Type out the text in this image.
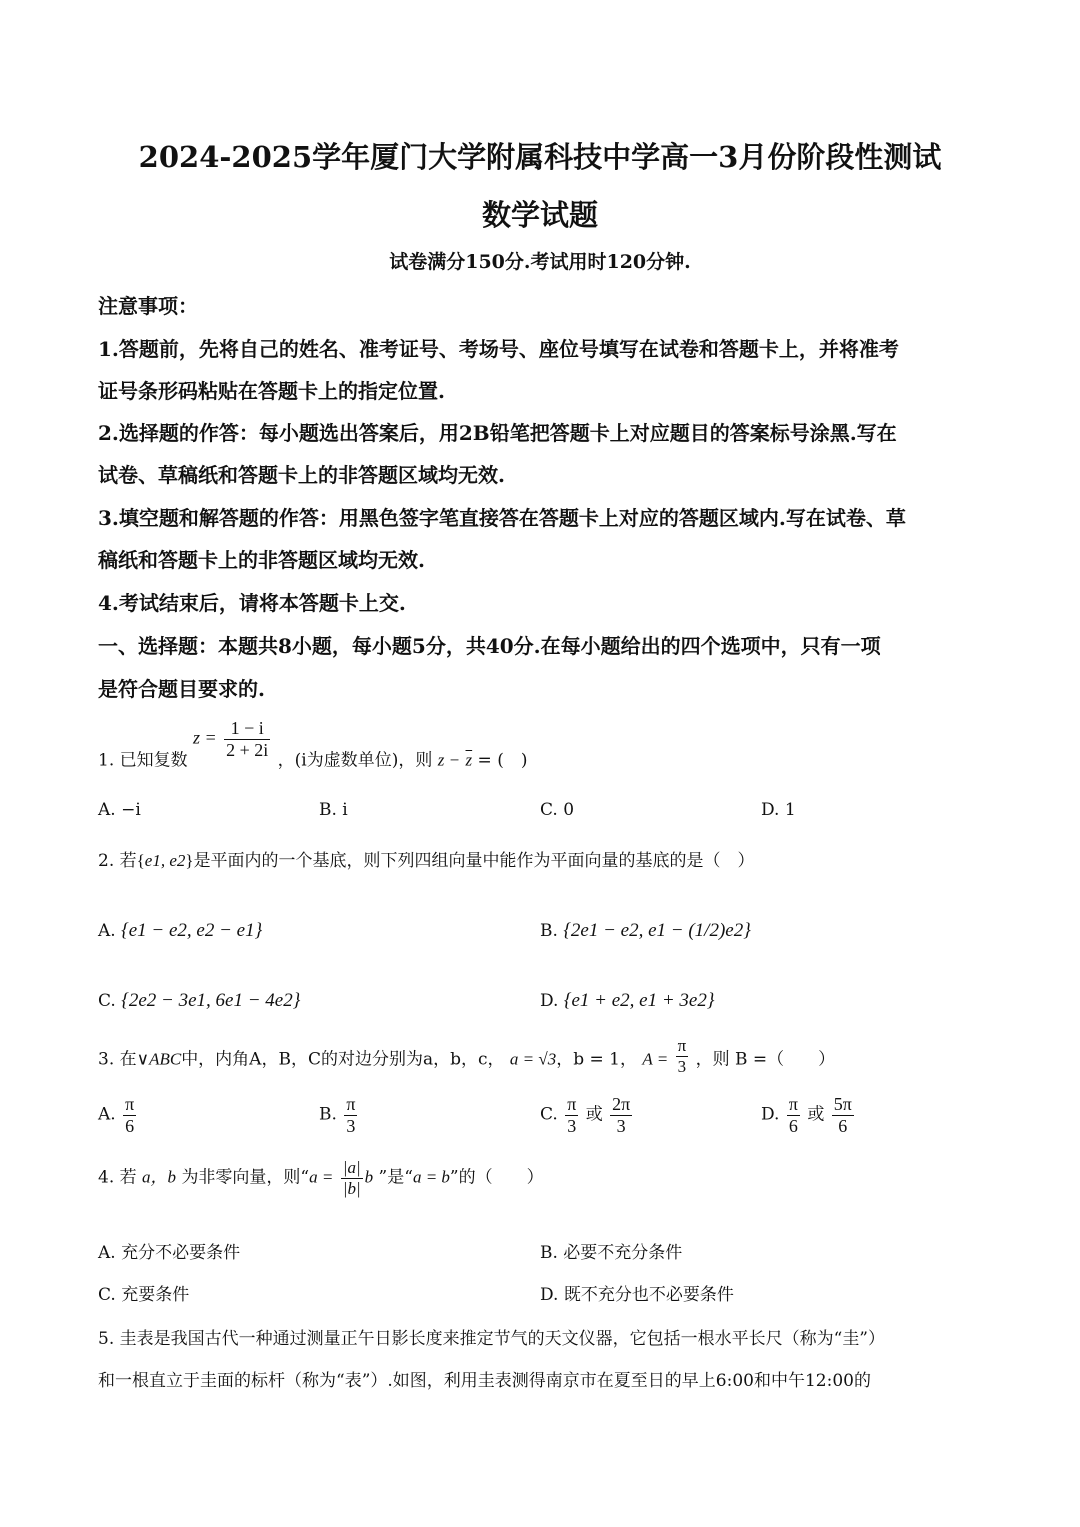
2024-2025学年厦门大学附属科技中学高一3月份阶段性测试
数学试题
试卷满分150分.考试用时120分钟.
注意事项：
1.答题前，先将自己的姓名、准考证号、考场号、座位号填写在试卷和答题卡上，并将准考
证号条形码粘贴在答题卡上的指定位置.
2.选择题的作答：每小题选出答案后，用2B铅笔把答题卡上对应题目的答案标号涂黑.写在
试卷、草稿纸和答题卡上的非答题区域均无效.
3.填空题和解答题的作答：用黑色签字笔直接答在答题卡上对应的答题区域内.写在试卷、草
稿纸和答题卡上的非答题区域均无效.
4.考试结束后，请将本答题卡上交.
一、选择题：本题共8小题，每小题5分，共40分.在每小题给出的四个选项中，只有一项
是符合题目要求的.
1. 已知复数 $z = \frac{1 - i}{2 + 2i}$
，(i为虚数单位)，则 $z - \overline{z}$ = (　)
A. −i	B. i	C. 0	D. 1
2. 若{e1, e2}是平面内的一个基底，则下列四组向量中能作为平面向量的基底的是（　）
A. {e1 − e2, e2 − e1}	B. {2e1 − e2, e1 − (1/2)e2}
C. {2e2 − 3e1, 6e1 − 4e2}	D. {e1 + e2, e1 + 3e2}
3. 在∨ABC中，内角A，B，C的对边分别为a，b，c， a = √3，b = 1， $A = \frac{\pi}{3}$ ，则 B =（　　）
A. $\frac{\pi}{6}$	B. $\frac{\pi}{3}$	C. $\frac{\pi}{3}$ 或 $\frac{2\pi}{3}$	D. $\frac{\pi}{6}$ 或 $\frac{5\pi}{6}$
4. 若 a，b 为非零向量，则“$a = \frac{|a|}{|b|}$ b ”是“a = b”的（　　）
A. 充分不必要条件	B. 必要不充分条件
C. 充要条件	D. 既不充分也不必要条件
5. 圭表是我国古代一种通过测量正午日影长度来推定节气的天文仪器，它包括一根水平长尺（称为“圭”）
和一根直立于圭面的标杆（称为“表”）.如图，利用圭表测得南京市在夏至日的早上6:00和中午12:00的
